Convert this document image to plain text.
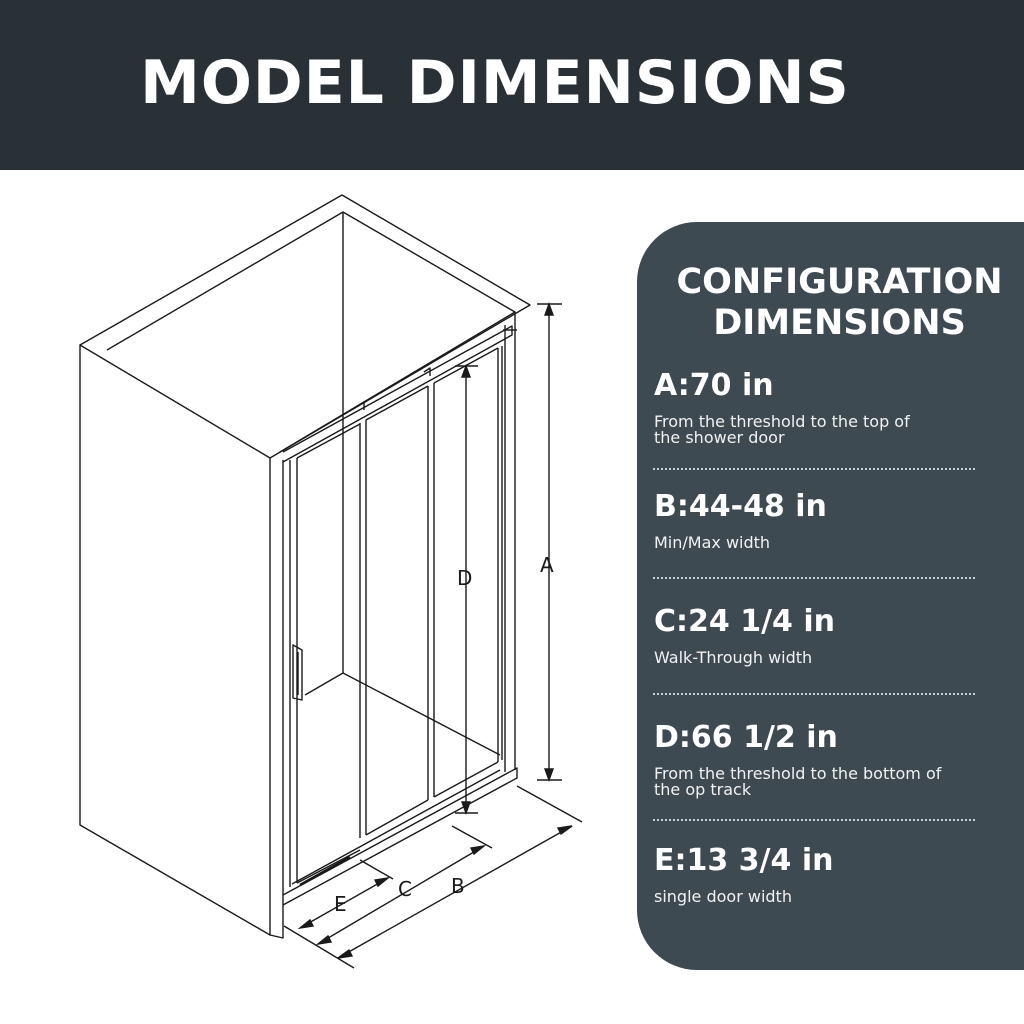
MODEL DIMENSIONS
A
D
B
C
E
CONFIGURATION
DIMENSIONS
A:70 in
From the threshold to the top of
the shower door
B:44-48 in
Min/Max width
C:24 1/4 in
Walk-Through width
D:66 1/2 in
From the threshold to the bottom of
the op track
E:13 3/4 in
single door width
